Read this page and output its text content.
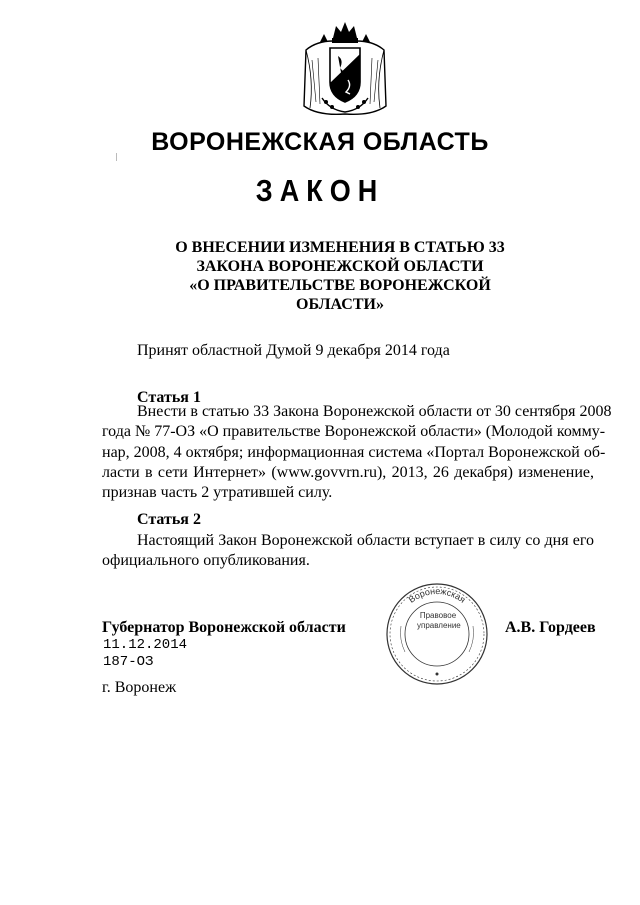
ВОРОНЕЖСКАЯ ОБЛАСТЬ
ЗАКОН
О ВНЕСЕНИИ ИЗМЕНЕНИЯ В СТАТЬЮ 33
ЗАКОНА ВОРОНЕЖСКОЙ ОБЛАСТИ
«О ПРАВИТЕЛЬСТВЕ ВОРОНЕЖСКОЙ
ОБЛАСТИ»
Принят областной Думой 9 декабря 2014 года
Статья 1
Внести в статью 33 Закона Воронежской области от 30 сентября 2008
года № 77-ОЗ «О правительстве Воронежской области» (Молодой комму-
нар, 2008, 4 октября; информационная система «Портал Воронежской об-
ласти в сети Интернет» (www.govvrn.ru), 2013, 26 декабря) изменение,
признав часть 2 утратившей силу.
Статья 2
Настоящий Закон Воронежской области вступает в силу со дня его
официального опубликования.
Губернатор Воронежской области	А.В. Гордеев
11.12.2014
187-ОЗ
г. Воронеж
Воронежская
Правовое
управление
